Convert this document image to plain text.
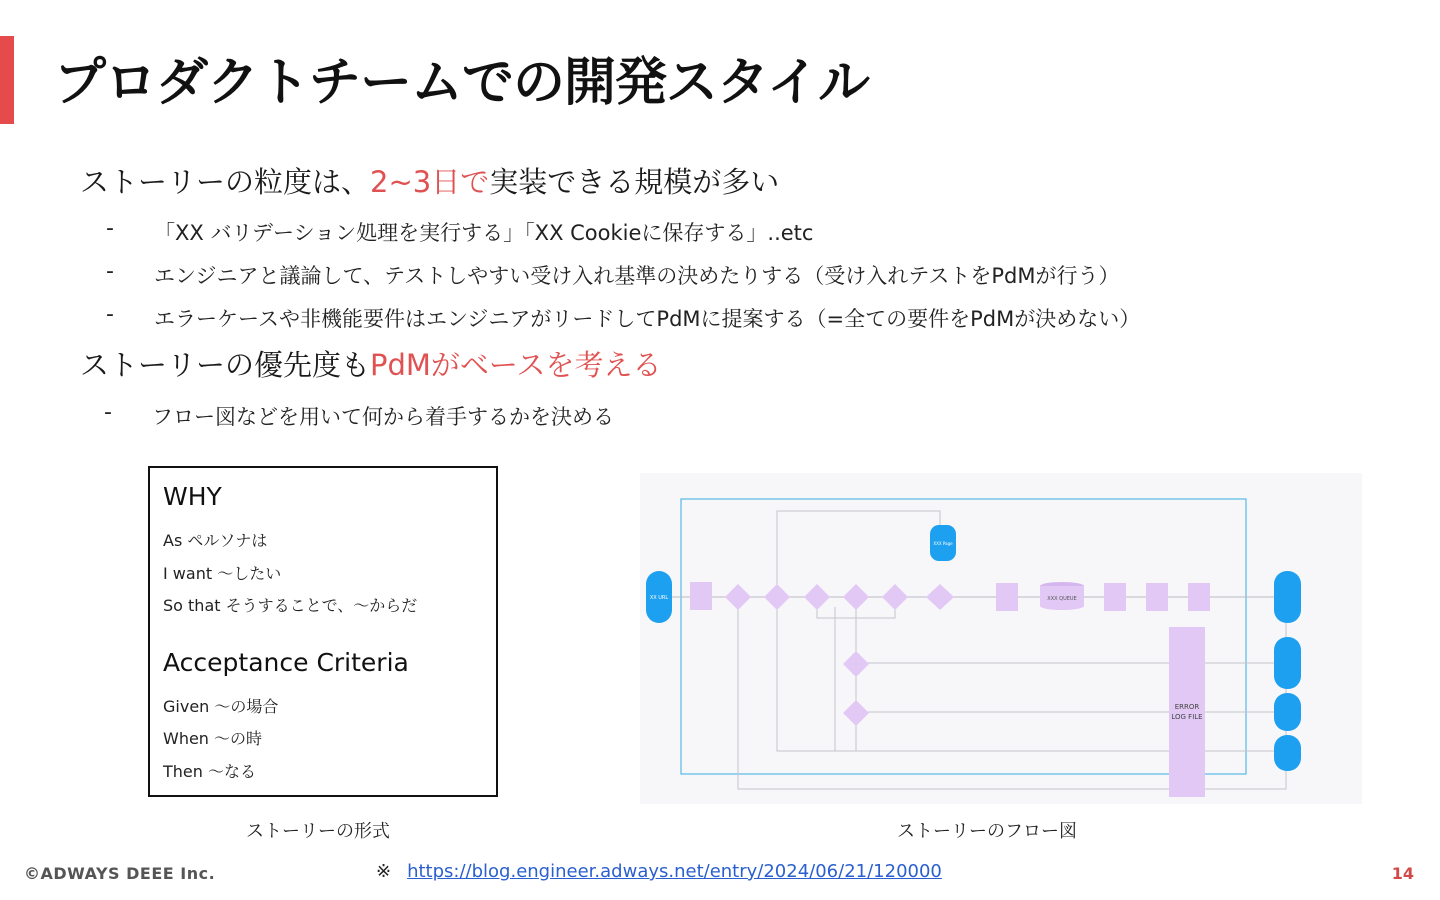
プロダクトチームでの開発スタイル
ストーリーの粒度は、2~3日で実装できる規模が多い
- 「XX バリデーション処理を実行する」「XX Cookieに保存する」..etc
- エンジニアと議論して、テストしやすい受け入れ基準の決めたりする（受け入れテストをPdMが行う）
- エラーケースや非機能要件はエンジニアがリードしてPdMに提案する（=全ての要件をPdMが決めない）
ストーリーの優先度もPdMがベースを考える
- フロー図などを用いて何から着手するかを決める
WHY
As ペルソナは
I want 〜したい
So that そうすることで、〜からだ
Acceptance Criteria
Given 〜の場合
When 〜の時
Then 〜なる
ストーリーの形式
XX URL
XXX Page
XXX QUEUE
ERROR
LOG FILE
ストーリーのフロー図
©ADWAYS DEEE Inc.	※ https://blog.engineer.adways.net/entry/2024/06/21/120000	14
